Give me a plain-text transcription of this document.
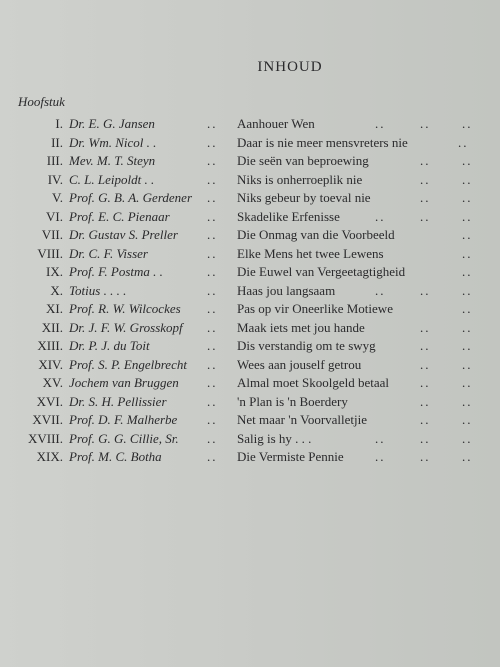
INHOUD
Hoofstuk
I. Dr. E. G. Jansen	.. Aanhouer Wen	..	.. ..
II. Dr. Wm. Nicol . .	.. Daar is nie meer mensvreters nie	..
III. Mev. M. T. Steyn	.. Die seën van beproewing	.. ..
IV. C. L. Leipoldt . .	.. Niks is onherroeplik nie	.. ..
V. Prof. G. B. A. Gerdener .. Niks gebeur by toeval nie	.. ..
VI. Prof. E. C. Pienaar	.. Skadelike Erfenisse	..	.. ..
VII. Dr. Gustav S. Preller .. Die Onmag van die Voorbeeld	..
VIII. Dr. C. F. Visser	.. Elke Mens het twee Lewens	..
IX. Prof. F. Postma . .	.. Die Euwel van Vergeetagtigheid	..
X. Totius . . . .	.. Haas jou langsaam	..	.. ..
XI. Prof. R. W. Wilcockes .. Pas op vir Oneerlike Motiewe	..
XII. Dr. J. F. W. Grosskopf .. Maak iets met jou hande	.. ..
XIII. Dr. P. J. du Toit	.. Dis verstandig om te swyg	.. ..
XIV. Prof. S. P. Engelbrecht .. Wees aan jouself getrou	.. ..
XV. Jochem van Bruggen .. Almal moet Skoolgeld betaal .. ..
XVI. Dr. S. H. Pellissier	.. 'n Plan is 'n Boerdery	.. ..
XVII. Prof. D. F. Malherbe .. Net maar 'n Voorvalletjie	.. ..
XVIII. Prof. G. G. Cillie, Sr. .. Salig is hy . . .	..	.. ..
XIX. Prof. M. C. Botha	.. Die Vermiste Pennie ..	.. ..
